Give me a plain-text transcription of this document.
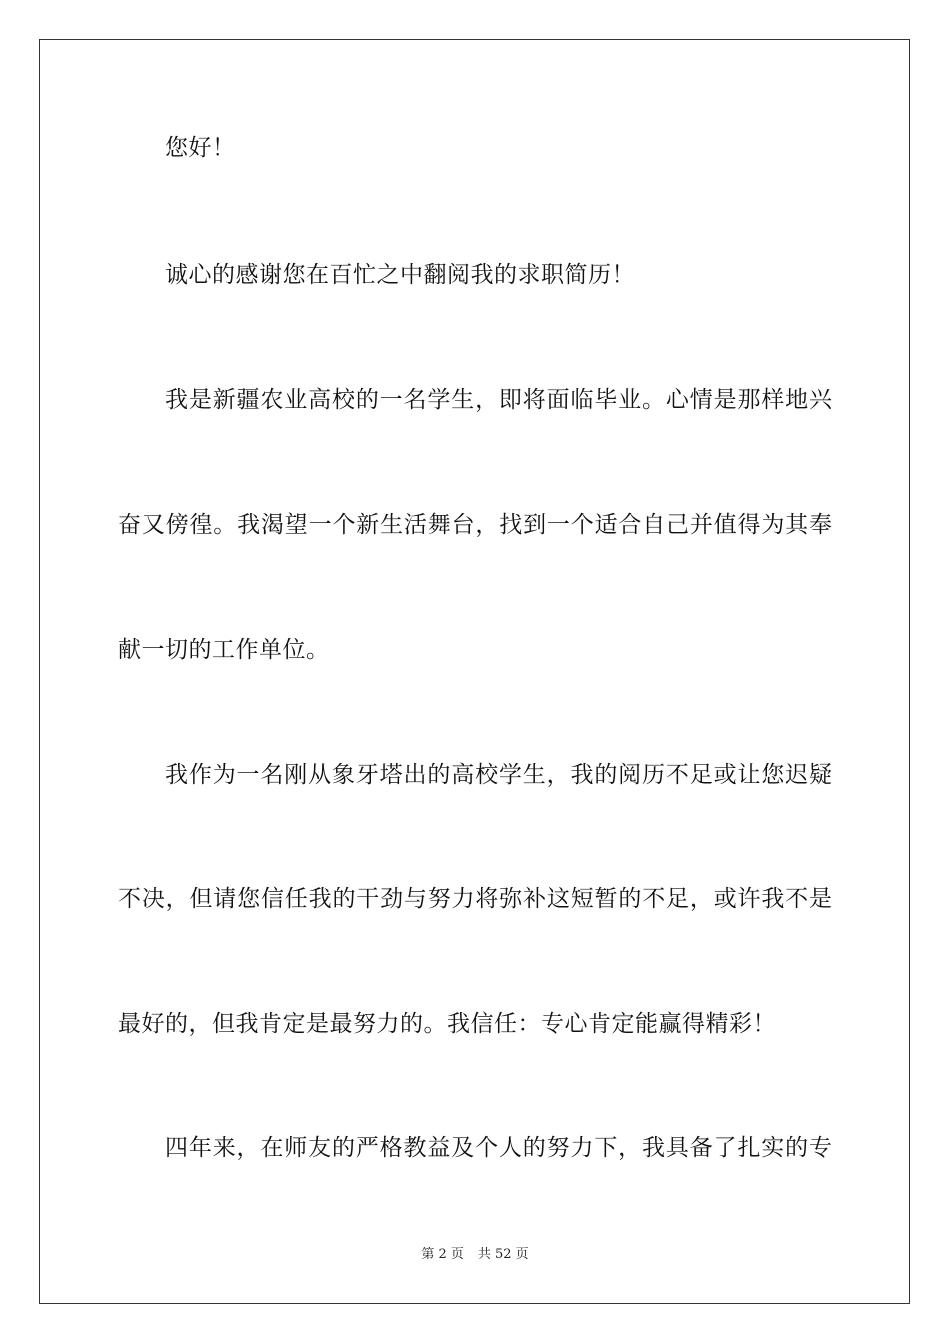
您好！
诚心的感谢您在百忙之中翻阅我的求职简历！
我是新疆农业高校的一名学生，即将面临毕业。心情是那样地兴
奋又傍徨。我渴望一个新生活舞台，找到一个适合自己并值得为其奉
献一切的工作单位。
我作为一名刚从象牙塔出的高校学生，我的阅历不足或让您迟疑
不决，但请您信任我的干劲与努力将弥补这短暂的不足，或许我不是
最好的，但我肯定是最努力的。我信任：专心肯定能赢得精彩！
四年来，在师友的严格教益及个人的努力下，我具备了扎实的专
第 2 页 共 52 页
